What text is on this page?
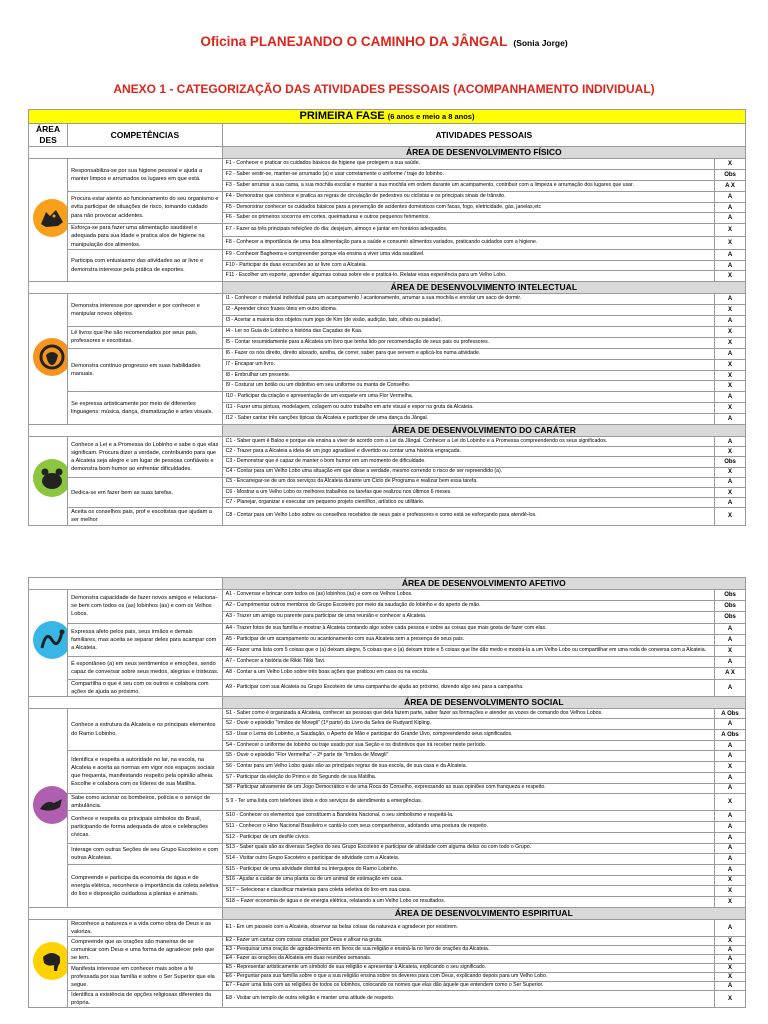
Oficina PLANEJANDO O CAMINHO DA JÂNGAL (Sonia Jorge)
ANEXO 1 - CATEGORIZAÇÃO DAS ATIVIDADES PESSOAIS (ACOMPANHAMENTO INDIVIDUAL)
PRIMEIRA FASE (6 anos e meio a 8 anos)			
ÁREA DES	COMPETÊNCIAS	ATIVIDADES PESSOAIS	
		ÁREA DE DESENVOLVIMENTO FÍSICO	

	Responsabiliza-se por sua higiene pessoal e ajuda a manter limpos e arrumados os lugares em que está.	F1 - Conhecer e praticar os cuidados básicos de higiene que protegem a sua saúde.	X
		F2 - Saber vestir-se, manter-se arrumado (a) e usar corretamente o uniforme / traje do lobinho.	Obs
		F3 - Saber arrumar a sua cama, a sua mochila escolar e manter a sua mochila em ordem durante um acampamento, contribuir com a limpeza e arrumação dos lugares que usar.	A X
	Procura estar atento ao funcionamento do seu organismo e evita participar de situações de risco, tomando cuidado para não provocar acidentes.	F4 - Demonstrar que conhece e pratica as regras de circulação de pedestres ou ciclistas e os principais sinais de trânsito.	A
		F5 - Demonstrar conhecer os cuidados básicos para a prevenção de acidentes domésticos com facas, fogo, eletricidade, gás, janelas,etc	A
		F6 - Saber os primeiros socorros em cortes, queimaduras e outros pequenos ferimentos.	A
	Esforça-se para fazer uma alimentação saudável e adequada para sua idade e pratica alos de higiene na manipulação dos alimentos.	F7 - Fazer as três principais refeições do dia: desjejum, almoço e jantar em horários adequados.	X
		F8 - Conhecer a importância de uma boa alimentação para a saúde e consumir alimentos variados, praticando cuidados com a higiene.	X
	Participa com entusiasmo das atividades ao ar livre e demonstra interesse pela prática de esportes.	F9 - Conhecer Bagheera e compreender porque ela ensina a viver uma vida saudável.	A
		F10 - Participar de duas excursões ao ar livre com a Alcateia.	A
		F11 - Escolher um esporte, aprender algumas coisas sobre ele e praticá-lo. Relatar essa experiência para um Velho Lobo.	X
		ÁREA DE DESENVOLVIMENTO INTELECTUAL	

	Demonstra interesse por aprender e por conhecer e manipular novos objetos.	I1 - Conhecer o material individual para um acampamento / acantonamento, arrumar a sua mochila e enrolar um saco de dormir.	A
		I2 - Aprender cinco frases úteis em outro idioma.	X
		I3 - Acertar a maioria dos objetos num jogo de Kim (de visão, audição, tato, olfato ou paladar).	A
	Lê livros que lhe são recomendados por seus pais, professores e escotistas.	I4 - Ler no Guia do Lobinho a história das Caçadas de Kaa.	X
		I5 - Contar resumidamente para a Alcateia um livro que tenha lido por recomendação de seus pais ou professores.	X
	Demonstra contínuo progresso em suas habilidades manuais.	I6 - Fazer os nós direito, direito alceado, azelha, de correr, saber para que servem e aplicá-los numa atividade.	A
		I7 - Encapar um livro.	X
		I8 - Embrulhar um presente.	X
		I9 - Costurar um botão ou um distintivo em seu uniforme ou manta de Conselho.	X
	Se expressa artisticamente por meio de diferentes linguagens: música, dança, dramatização e artes visuais.	I10 - Participar da criação e apresentação de um esquete em uma Flor Vermelha.	A
		I11 - Fazer uma pintura, modelagem, colagem ou outro trabalho em arte visual e expor na gruta da Alcateia.	X
		I12 - Saber cantar três canções típicas da Alcateia e participar de uma dança da Jângal.	A
		ÁREA DE DESENVOLVIMENTO DO CARÁTER	

	Conhece a Lei e a Promessa do Lobinho e sabe o que elas significam. Procura dizer a verdade, contribuindo para que a Alcateia seja alegre e um lugar de pessoas confiáveis e demonstra bom humor ao enfrentar dificuldades.	C1 - Saber quem é Baloo e porque ele ensina a viver de acordo com a Lei da Jângal. Conhecer a Lei do Lobinho e a Promessa compreendendo os seus significados.	A
		C2 - Trazer para a Alcateia a ideia de um jogo agradável e divertido ou contar uma história engraçada.	X
		C3 - Demonstrar que é capaz de manter o bom humor em um momento de dificuldade.	Obs
		C4 - Contar para um Velho Lobo uma situação em que disse a verdade, mesmo correndo o risco de ser repreendido (a).	X
	Dedica-se em fazer bem as suas tarefas.	C5 - Encarregar-se de um dos serviços da Alcateia durante um Ciclo de Programa e realizar bem essa tarefa.	A
		C6 - Mostrar a um Velho Lobo os melhores trabalhos ou tarefas que realizou nos últimos 6 meses.	X
		C7 - Planejar, organizar e executar um pequeno projeto científico, artístico ou utilitário.	A
	Aceita os conselhos pais, prof e escotistas que ajudam a ser melhor	C8 - Contar para um Velho Lobo sobre os conselhos recebidos de seus pais e professores e como está se esforçando para atendê-los.	X
		ÁREA DE DESENVOLVIMENTO AFETIVO	

	Demonstra capacidade de fazer novos amigos e relaciona-se bem com todos os (as) lobinhos (as) e com os Velhos Lobos.	A1 - Conversar e brincar com todos os (as) lobinhos (as) e com os Velhos Lobos.	Obs
		A2 - Cumprimentar outros membros do Grupo Escoteiro por meio da saudação do lobinho e do aperto de mão.	Obs
		A3 - Trazer um amigo ou parente para participar de uma reunião e conhecer a Alcateia.	Obs
	Expressa afeto pelos pais, seus irmãos e demais familiares, mas aceita se separar deles para acampar com a Alcateia.	A4 - Trazer fotos de sua família e mostrar à Alcateia contando algo sobre cada pessoa e sobre as coisas que mais gosta de fazer com elas.	A
		A5 - Participar de um acampamento ou acantonamento com sua Alcateia sem a presença de seus pais.	A
		A6 - Fazer uma lista com 5 coisas que o (a) deixam alegre, 5 coisas que o (a) deixam triste e 5 coisas que lhe dão medo e mostrá-la a um Velho Lobo ou compartilhar em uma roda de conversa com a Alcateia.	X
	É espontâneo (a) em seus sentimentos e emoções, sendo capaz de conversar sobre seus medos, alegrias e tristezas.	A7 - Conhecer a história de Rikki Tikki Tavi.	A
		A8 - Contar a um Velho Lobo sobre três boas ações que praticou em casa ou na escola.	A X
	Compartilha o que é seu com os outros e colabora com ações de ajuda ao próximo.	A9 - Participar com sua Alcateia ou Grupo Escoteiro de uma campanha de ajuda ao próximo, dizendo algo seu para a campanha.	A
		ÁREA DE DESENVOLVIMENTO SOCIAL	

	Conhece a estrutura da Alcateia e os principais elementos do Ramo Lobinho.	S1 - Saber como é organizada a Alcateia, conhecer as pessoas que dela fazem parte, saber fazer as formações e atender as vozes de comando dos Velhos Lobos.	A Obs
		S2 - Ouvir o episódio "Irmãos de Mowgli" (1ª parte) do Livro da Selva de Rudyard Kipling.	A
		S3 - Usar o Lema do Lobinho, a Saudação, o Aperto de Mão e participar do Grande Uivo, compreendendo seus significados.	A Obs
		S4 - Conhecer o uniforme de lobinho ou traje usado por sua Seção e os distintivos que irá receber neste período.	A
	Identifica e respeita a autoridade no lar, na escola, na Alcateia e aceita as normas em vigor nos espaços sociais que frequenta, manifestando respeito pela opinião alheia. Escolhe e colabora com os líderes de sua Matilha.	S5 - Ouvir o episódio "Flor Vermelha" – 2ª parte de "Irmãos de Mowgli"	A
		S6 - Contar para um Velho Lobo quais são as principais regras de sua escola, de sua casa e da Alcateia.	X
		S7 - Participar da eleição do Primo e do Segundo de sua Matilha.	A
		S8 - Participar ativamente de um Jogo Democrático e de uma Roca do Conselho, expressando as suas opiniões com franqueza e respeito.	A
	Sabe como acionar os bombeiros, polícia e o serviço de ambulância.	S 9 - Ter uma lista com telefones úteis e dos serviços de atendimento a emergências.	X
	Conhece e respeita os principais símbolos do Brasil, participando de forma adequada de atos e celebrações cívicas.	S10 - Conhecer os elementos que constituem a Bandeira Nacional, o seu simbolismo e respeitá-la.	A
		S11 - Conhecer o Hino Nacional Brasileiro e cantá-lo com seus companheiros, adotando uma postura de respeito.	A
		S12 - Participar de um desfile cívico.	A
	Interage com outras Seções de seu Grupo Escoteiro e com outras Alcateias.	S13 - Saber quais são as diversas Seções do seu Grupo Escoteiro e participar de atividade com alguma delas ou com todo o Grupo.	A
		S14 - Visitar outro Grupo Escoteiro e participar de atividade com a Alcateia.	A
	Compreende e participa da economia de água e de energia elétrica, reconhece a importância da coleta seletiva do lixo e disposição cuidadosa a plantas e animais.	S15 - Participar de uma atividade distrital ou interguipos do Ramo Lobinho.	A
		S16 - Ajudar a cuidar de uma planta ou de um animal de estimação em casa.	X
		S17 – Selecionar e classificar materiais para coleta seletiva do lixo em sua casa.	X
		S18 – Fazer economia de água e de energia elétrica, relatando a um Velho Lobo os resultados.	X
		ÁREA DE DESENVOLVIMENTO ESPIRITUAL	

	Reconhece a natureza e a vida como obra de Deus e as valoriza.	E1 - Em um passeio com a Alcateia, observar as belas coisas da natureza e agradecer por existirem.	A
	Compreende que as orações são maneiras de se comunicar com Deus e uma forma de agradecer pelo que se tem.	E2 - Fazer um cartaz com coisas criadas por Deus e afixar na gruta.	X
		E3 - Pesquisar uma oração de agradecimento em livros de sua religião e ensiná-la no livro de orações da Alcateia.	A
		E4 - Fazer as orações da Alcateia em duas reuniões semanais.	A
	Manifesta interesse em conhecer mais sobre a fé professada por sua família e sobre o Ser Superior que ela segue.	E5 - Representar artisticamente um símbolo de sua religião e apresentar à Alcateia, explicando o seu significado.	X
		E6 - Perguntar para sua família sobre o que a sua religião ensina sobre os deveres para com Deus, explicando depois para um Velho Lobo.	X
		E7 - Fazer uma lista com as religiões de todos os lobinhos, colocando os nomes que elas dão àquele que entendem como o Ser Superior.	A
	Identifica a existência de opções religiosas diferentes da própria.	E8 - Visitar um templo de outra religião e manter uma atitude de respeito.	X
